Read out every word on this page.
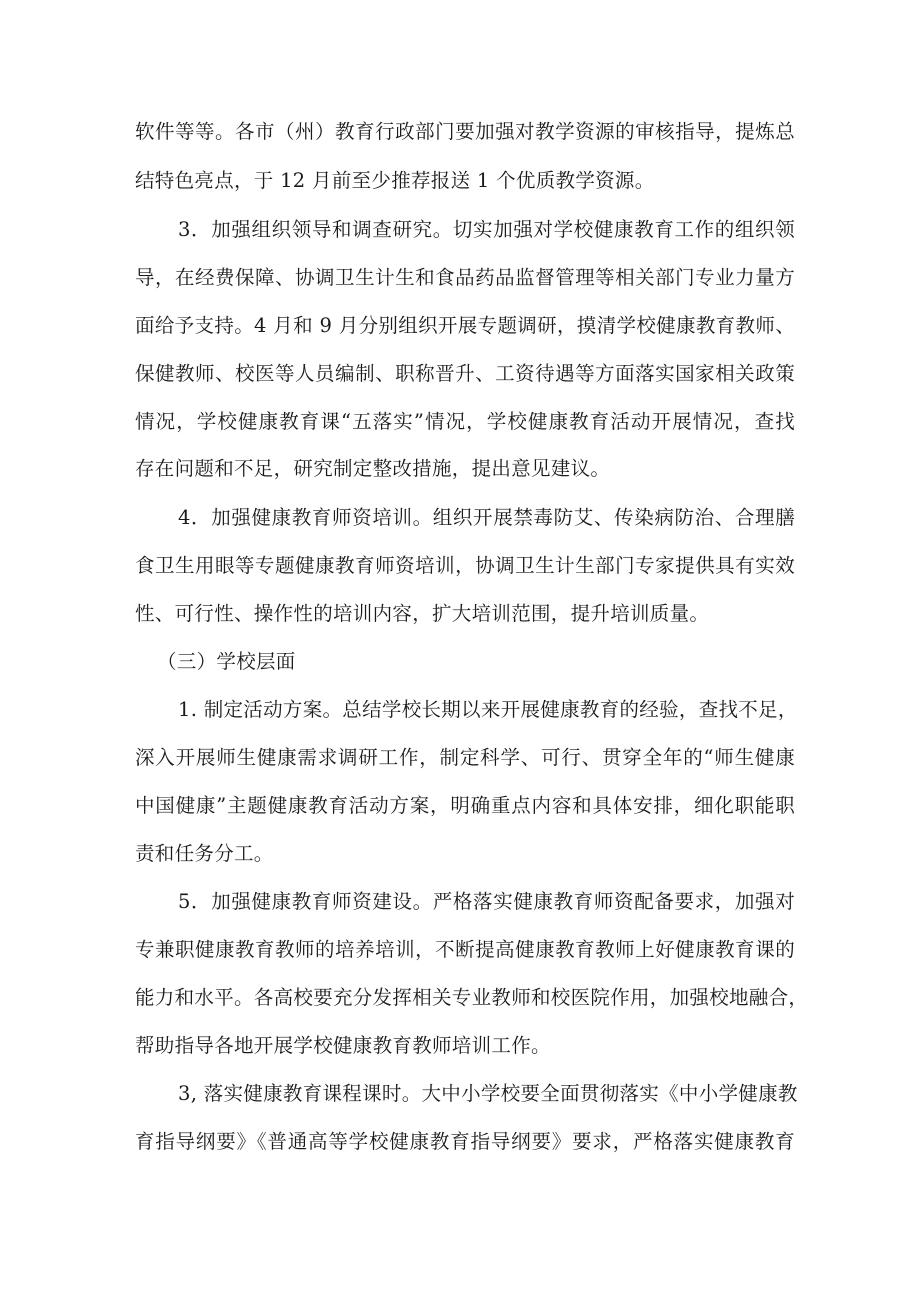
软件等等。各市（州）教育行政部门要加强对教学资源的审核指导，提炼总
结特色亮点，于 12 月前至少推荐报送 1 个优质教学资源。
3．加强组织领导和调查研究。切实加强对学校健康教育工作的组织领
导，在经费保障、协调卫生计生和食品药品监督管理等相关部门专业力量方
面给予支持。4 月和 9 月分别组织开展专题调研，摸清学校健康教育教师、
保健教师、校医等人员编制、职称晋升、工资待遇等方面落实国家相关政策
情况，学校健康教育课“五落实”情况，学校健康教育活动开展情况，查找
存在问题和不足，研究制定整改措施，提出意见建议。
4．加强健康教育师资培训。组织开展禁毒防艾、传染病防治、合理膳
食卫生用眼等专题健康教育师资培训，协调卫生计生部门专家提供具有实效
性、可行性、操作性的培训内容，扩大培训范围，提升培训质量。
（三）学校层面
1. 制定活动方案。总结学校长期以来开展健康教育的经验，查找不足，
深入开展师生健康需求调研工作，制定科学、可行、贯穿全年的“师生健康
中国健康”主题健康教育活动方案，明确重点内容和具体安排，细化职能职
责和任务分工。
5．加强健康教育师资建设。严格落实健康教育师资配备要求，加强对
专兼职健康教育教师的培养培训，不断提高健康教育教师上好健康教育课的
能力和水平。各高校要充分发挥相关专业教师和校医院作用，加强校地融合，
帮助指导各地开展学校健康教育教师培训工作。
3, 落实健康教育课程课时。大中小学校要全面贯彻落实《中小学健康教
育指导纲要》《普通高等学校健康教育指导纲要》要求，严格落实健康教育
